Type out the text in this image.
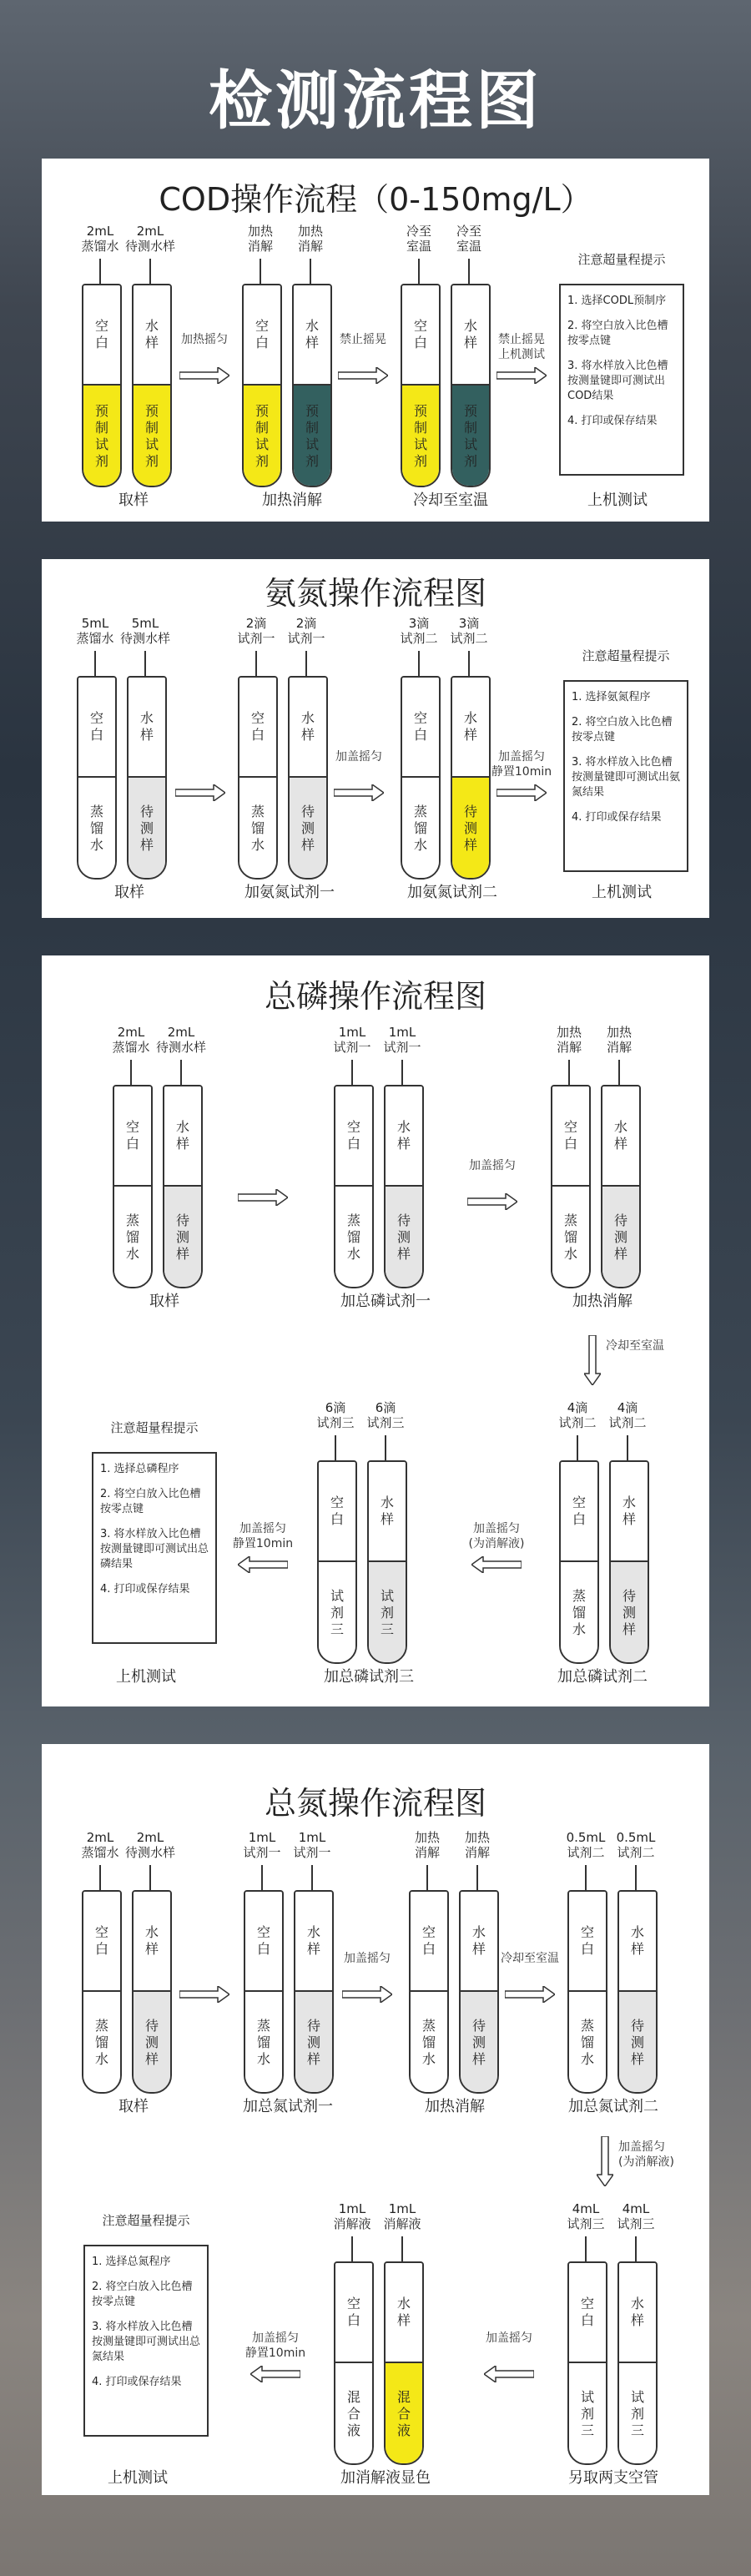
检测流程图
COD操作流程（0-150mg/L）
2mL
蒸馏水
空白
预制试剂
2mL
待测水样
水样
预制试剂
加热
消解
空白
预制试剂
加热
消解
水样
预制试剂
冷至
室温
空白
预制试剂
冷至
室温
水样
预制试剂
取样	加热消解	冷却至室温	上机测试
加热摇匀	禁止摇晃	禁止摇晃
上机测试
注意超量程提示
1. 选择CODL预制序
2. 将空白放入比色槽按零点键
3. 将水样放入比色槽按测量键即可测试出COD结果
4. 打印或保存结果
氨氮操作流程图
5mL
蒸馏水
空白
蒸馏水
5mL
待测水样
水样
待测样
2滴
试剂一
空白
蒸馏水
2滴
试剂一
水样
待测样
3滴
试剂二
空白
蒸馏水
3滴
试剂二
水样
待测样
取样	加氨氮试剂一	加氨氮试剂二	上机测试
加盖摇匀	加盖摇匀
静置10min
注意超量程提示
1. 选择氨氮程序
2. 将空白放入比色槽按零点键
3. 将水样放入比色槽按测量键即可测试出氨氮结果
4. 打印或保存结果
总磷操作流程图
2mL
蒸馏水
空白
蒸馏水
2mL
待测水样
水样
待测样
1mL
试剂一
空白
蒸馏水
1mL
试剂一
水样
待测样
加热
消解
空白
蒸馏水
加热
消解
水样
待测样
取样	加总磷试剂一	加热消解
加盖摇匀
冷却至室温
6滴
试剂三
空白
试剂三
6滴
试剂三
水样
试剂三
4滴
试剂二
空白
蒸馏水
4滴
试剂二
水样
待测样
上机测试	加总磷试剂三	加总磷试剂二
加盖摇匀
静置10min
加盖摇匀
(为消解液)
注意超量程提示
1. 选择总磷程序
2. 将空白放入比色槽按零点键
3. 将水样放入比色槽按测量键即可测试出总磷结果
4. 打印或保存结果
总氮操作流程图
2mL
蒸馏水
空白
蒸馏水
2mL
待测水样
水样
待测样
1mL
试剂一
空白
蒸馏水
1mL
试剂一
水样
待测样
加热
消解
空白
蒸馏水
加热
消解
水样
待测样
0.5mL
试剂二
空白
蒸馏水
0.5mL
试剂二
水样
待测样
取样	加总氮试剂一	加热消解	加总氮试剂二
加盖摇匀	冷却至室温
加盖摇匀
(为消解液)
1mL
消解液
空白
混合液
1mL
消解液
水样
混合液
4mL
试剂三
空白
试剂三
4mL
试剂三
水样
试剂三
上机测试	加消解液显色	另取两支空管
加盖摇匀
静置10min
加盖摇匀
注意超量程提示
1. 选择总氮程序
2. 将空白放入比色槽按零点键
3. 将水样放入比色槽按测量键即可测试出总氮结果
4. 打印或保存结果
